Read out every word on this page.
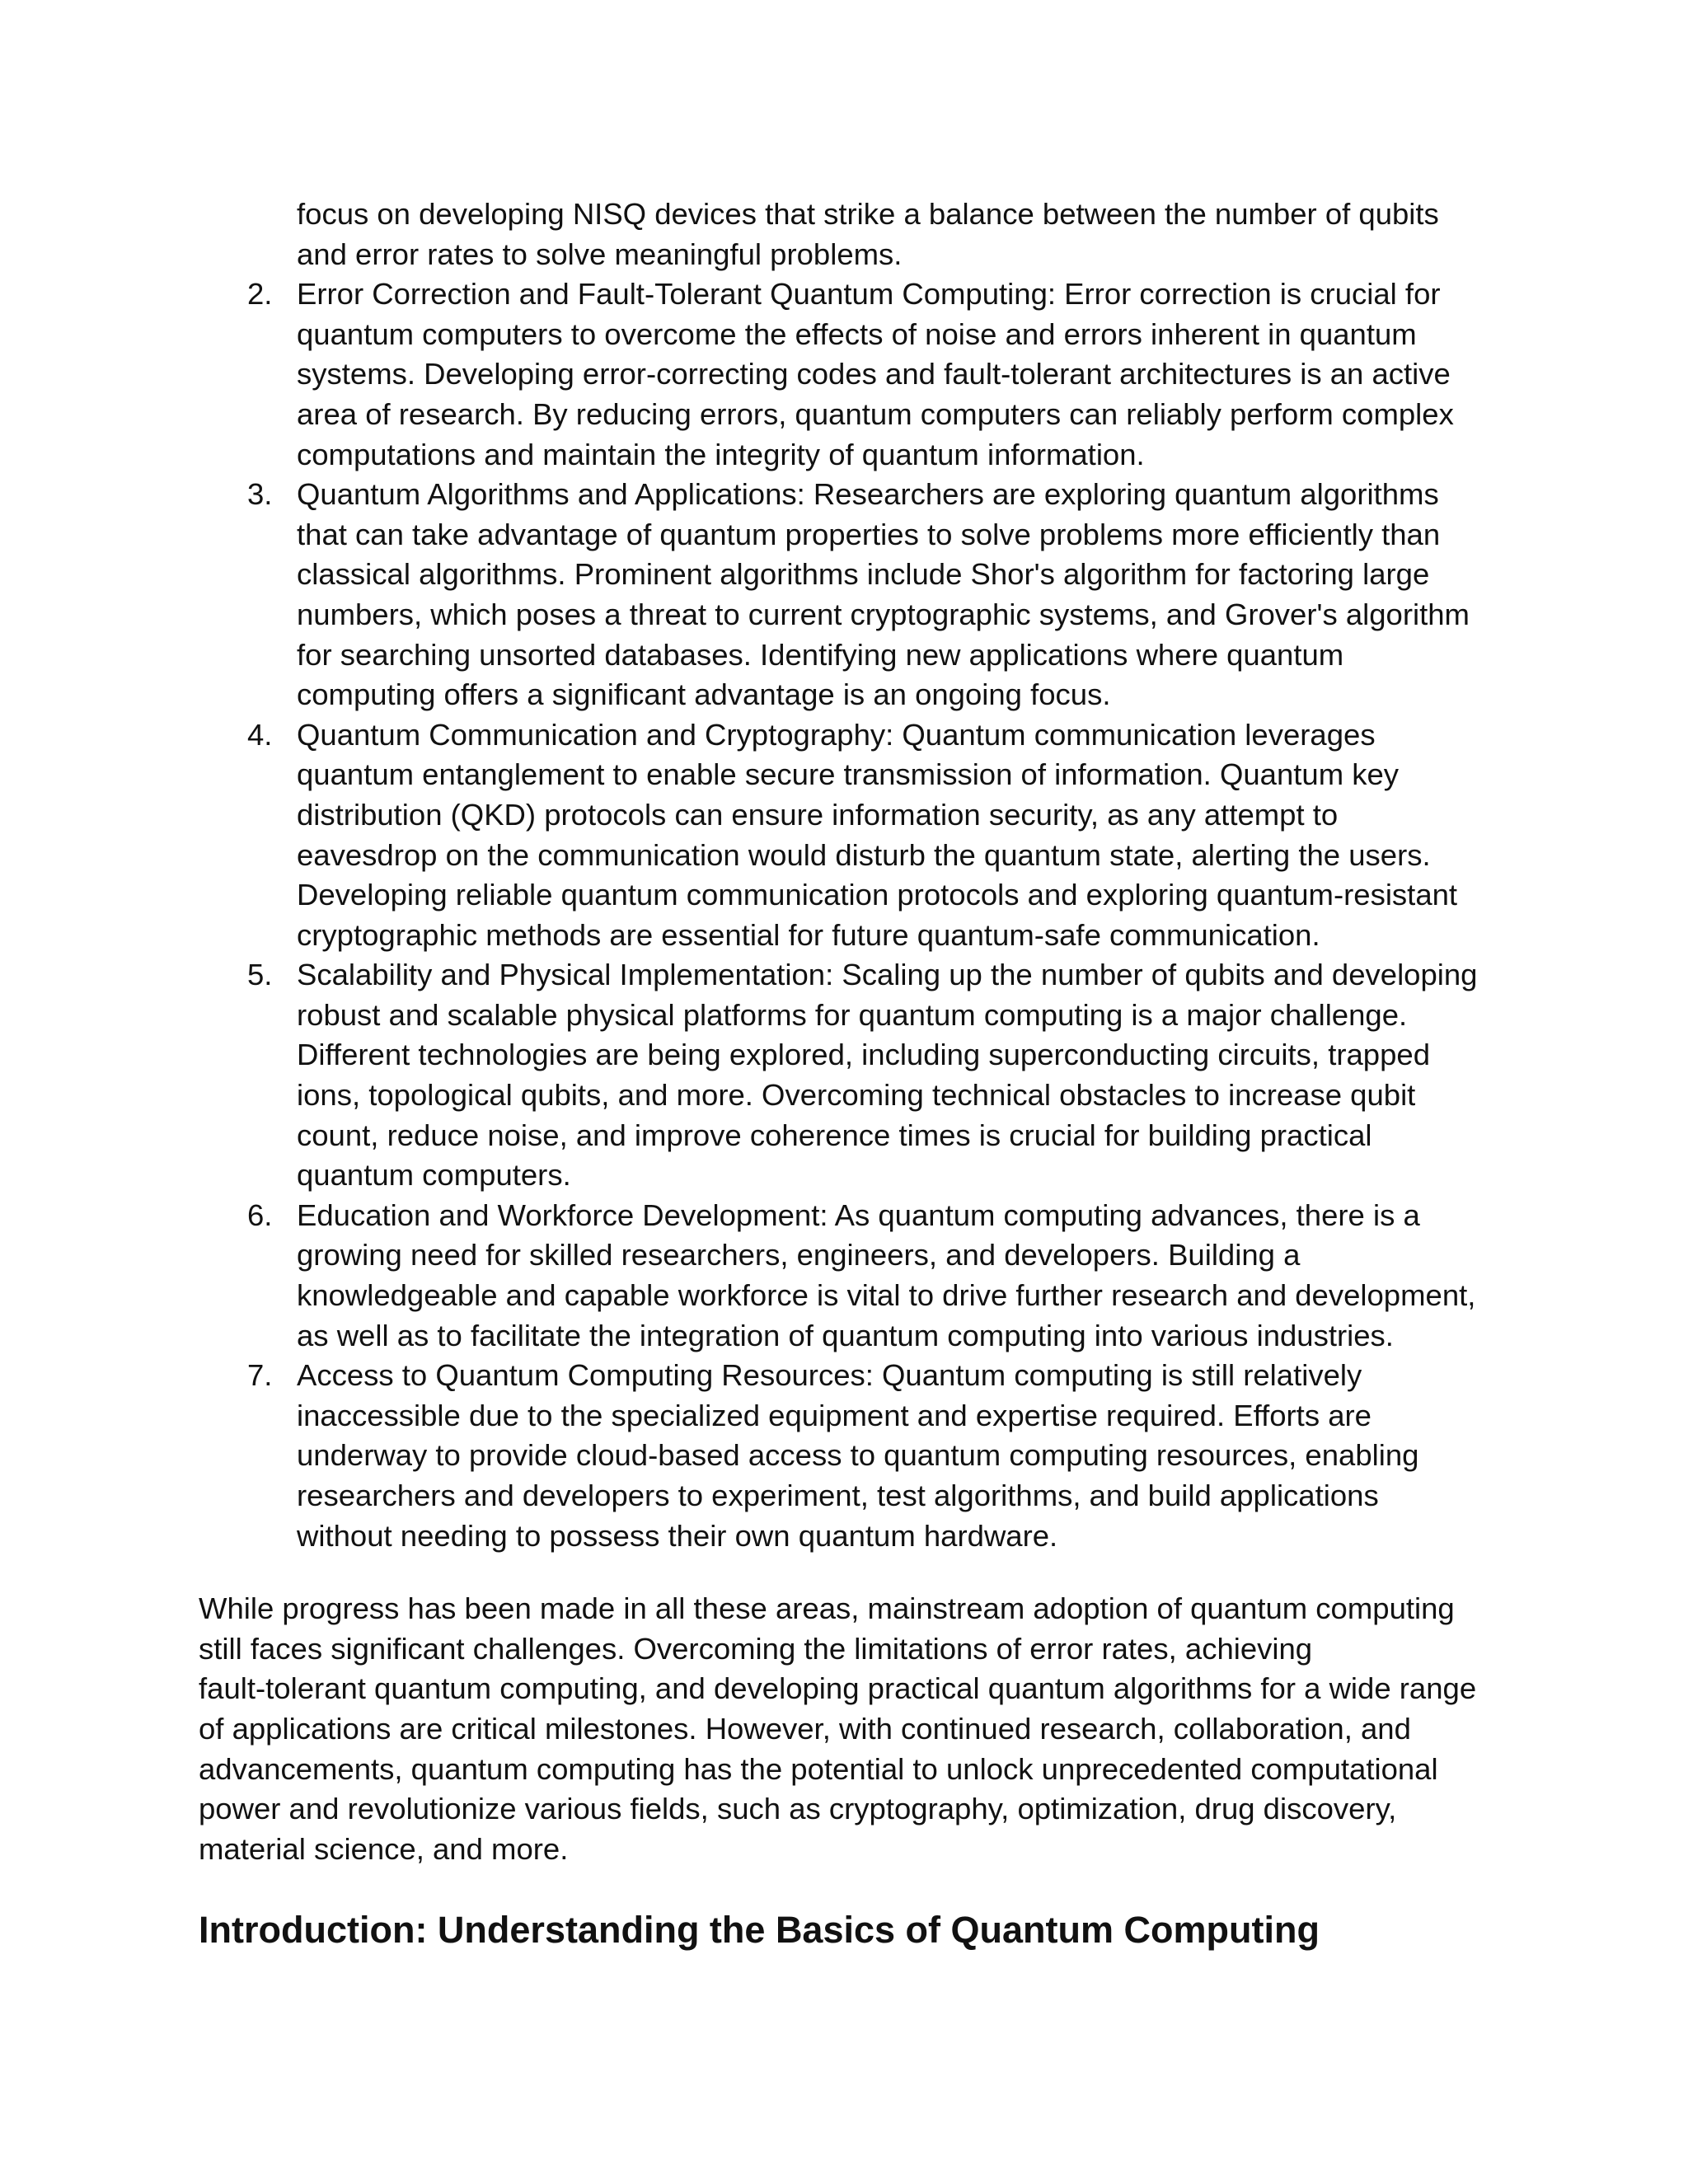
focus on developing NISQ devices that strike a balance between the number of qubits

and error rates to solve meaningful problems.

2. Error Correction and Fault-Tolerant Quantum Computing: Error correction is crucial for

quantum computers to overcome the effects of noise and errors inherent in quantum

systems. Developing error-correcting codes and fault-tolerant architectures is an active

area of research. By reducing errors, quantum computers can reliably perform complex

computations and maintain the integrity of quantum information.

3. Quantum Algorithms and Applications: Researchers are exploring quantum algorithms

that can take advantage of quantum properties to solve problems more efficiently than

classical algorithms. Prominent algorithms include Shor's algorithm for factoring large

numbers, which poses a threat to current cryptographic systems, and Grover's algorithm

for searching unsorted databases. Identifying new applications where quantum

computing offers a significant advantage is an ongoing focus.

4. Quantum Communication and Cryptography: Quantum communication leverages

quantum entanglement to enable secure transmission of information. Quantum key

distribution (QKD) protocols can ensure information security, as any attempt to

eavesdrop on the communication would disturb the quantum state, alerting the users.

Developing reliable quantum communication protocols and exploring quantum-resistant

cryptographic methods are essential for future quantum-safe communication.

5. Scalability and Physical Implementation: Scaling up the number of qubits and developing

robust and scalable physical platforms for quantum computing is a major challenge.

Different technologies are being explored, including superconducting circuits, trapped

ions, topological qubits, and more. Overcoming technical obstacles to increase qubit

count, reduce noise, and improve coherence times is crucial for building practical

quantum computers.

6. Education and Workforce Development: As quantum computing advances, there is a

growing need for skilled researchers, engineers, and developers. Building a

knowledgeable and capable workforce is vital to drive further research and development,

as well as to facilitate the integration of quantum computing into various industries.

7. Access to Quantum Computing Resources: Quantum computing is still relatively

inaccessible due to the specialized equipment and expertise required. Efforts are

underway to provide cloud-based access to quantum computing resources, enabling

researchers and developers to experiment, test algorithms, and build applications

without needing to possess their own quantum hardware.

While progress has been made in all these areas, mainstream adoption of quantum computing

still faces significant challenges. Overcoming the limitations of error rates, achieving

fault-tolerant quantum computing, and developing practical quantum algorithms for a wide range

of applications are critical milestones. However, with continued research, collaboration, and

advancements, quantum computing has the potential to unlock unprecedented computational

power and revolutionize various fields, such as cryptography, optimization, drug discovery,

material science, and more.

Introduction: Understanding the Basics of Quantum Computing
